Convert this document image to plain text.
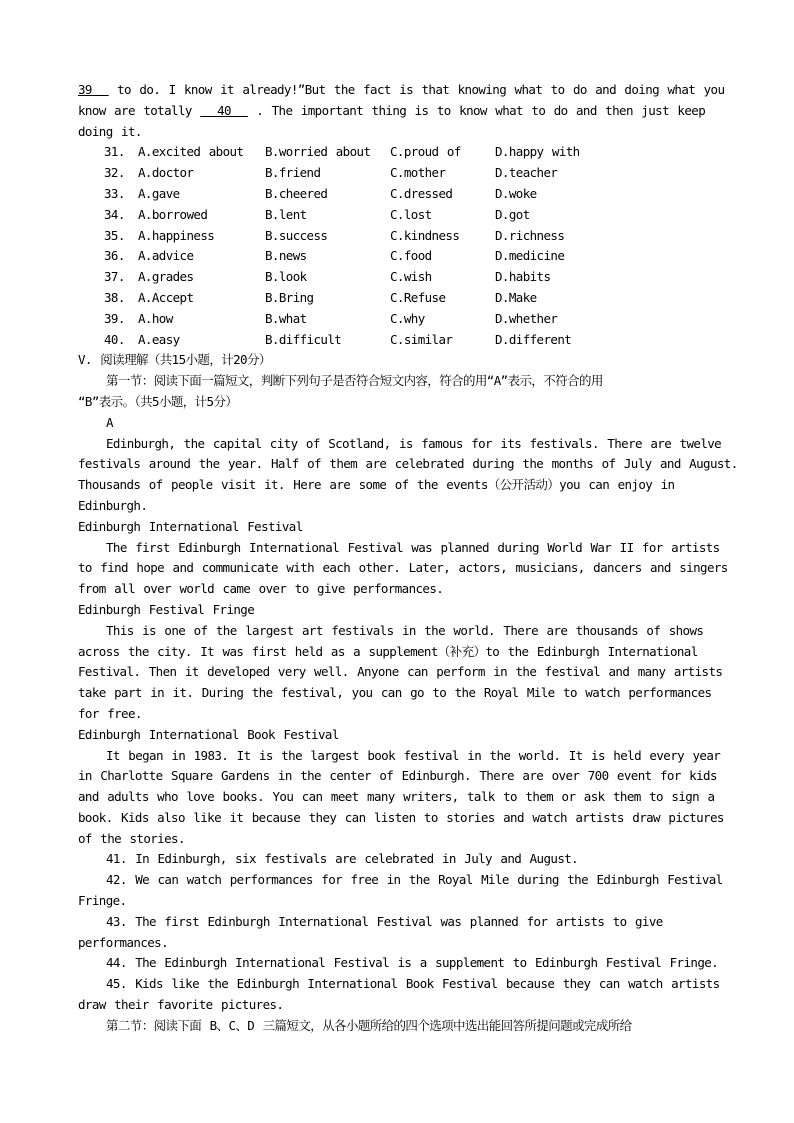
39   to do. I know it already!”But the fact is that knowing what to do and doing what you
know are totally   40   . The important thing is to know what to do and then just keep
doing it.
31.	A.excited about	B.worried about	C.proud of	D.happy with
32.	A.doctor	B.friend	C.mother	D.teacher
33.	A.gave	B.cheered	C.dressed	D.woke
34.	A.borrowed	B.lent	C.lost	D.got
35.	A.happiness	B.success	C.kindness	D.richness
36.	A.advice	B.news	C.food	D.medicine
37.	A.grades	B.look	C.wish	D.habits
38.	A.Accept	B.Bring	C.Refuse	D.Make
39.	A.how	B.what	C.why	D.whether
40.	A.easy	B.difficult	C.similar	D.different
V. 阅读理解（共15小题，计20分）
第一节：阅读下面一篇短文，判断下列句子是否符合短文内容，符合的用“A”表示，不符合的用
“B”表示。（共5小题，计5分）
A
Edinburgh, the capital city of Scotland, is famous for its festivals. There are twelve
festivals around the year. Half of them are celebrated during the months of July and August.
Thousands of people visit it. Here are some of the events（公开活动）you can enjoy in
Edinburgh.
Edinburgh International Festival
The first Edinburgh International Festival was planned during World War II for artists
to find hope and communicate with each other. Later, actors, musicians, dancers and singers
from all over world came over to give performances.
Edinburgh Festival Fringe
This is one of the largest art festivals in the world. There are thousands of shows
across the city. It was first held as a supplement（补充）to the Edinburgh International
Festival. Then it developed very well. Anyone can perform in the festival and many artists
take part in it. During the festival, you can go to the Royal Mile to watch performances
for free.
Edinburgh International Book Festival
It began in 1983. It is the largest book festival in the world. It is held every year
in Charlotte Square Gardens in the center of Edinburgh. There are over 700 event for kids
and adults who love books. You can meet many writers, talk to them or ask them to sign a
book. Kids also like it because they can listen to stories and watch artists draw pictures
of the stories.
41. In Edinburgh, six festivals are celebrated in July and August.
42. We can watch performances for free in the Royal Mile during the Edinburgh Festival
Fringe.
43. The first Edinburgh International Festival was planned for artists to give
performances.
44. The Edinburgh International Festival is a supplement to Edinburgh Festival Fringe.
45. Kids like the Edinburgh International Book Festival because they can watch artists
draw their favorite pictures.
第二节：阅读下面 B、C、D 三篇短文，从各小题所给的四个选项中选出能回答所提问题或完成所给
